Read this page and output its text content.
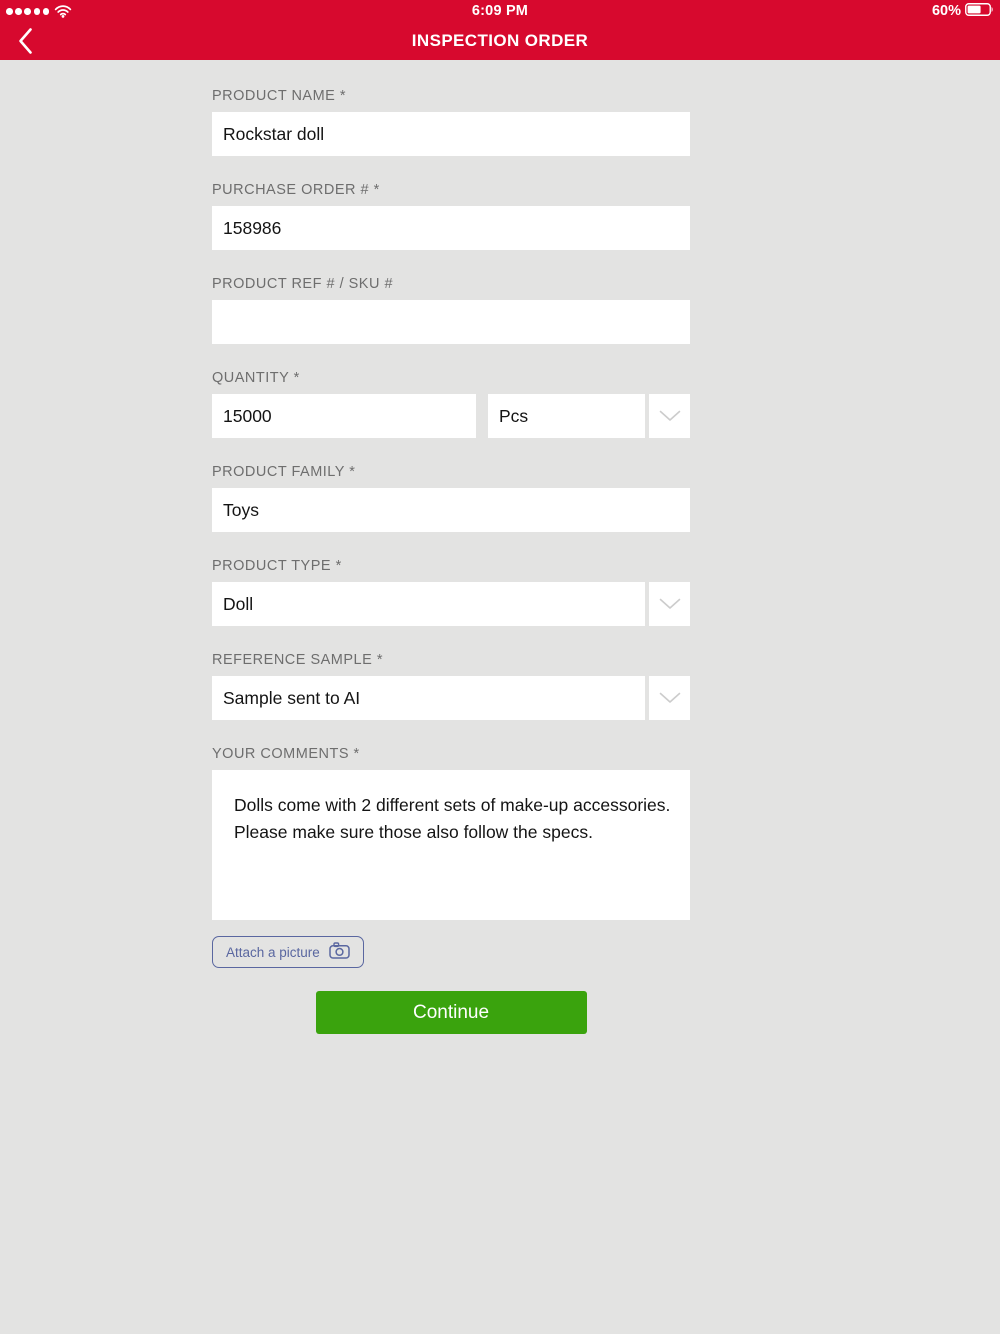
6:09 PM	60%
INSPECTION ORDER
PRODUCT NAME *
Rockstar doll
PURCHASE ORDER # *
158986
PRODUCT REF # / SKU #
QUANTITY *
15000
Pcs
PRODUCT FAMILY *
Toys
PRODUCT TYPE *
Doll
REFERENCE SAMPLE *
Sample sent to AI
YOUR COMMENTS *
Dolls come with 2 different sets of make-up accessories. Please make sure those also follow the specs.
Attach a picture
Continue
